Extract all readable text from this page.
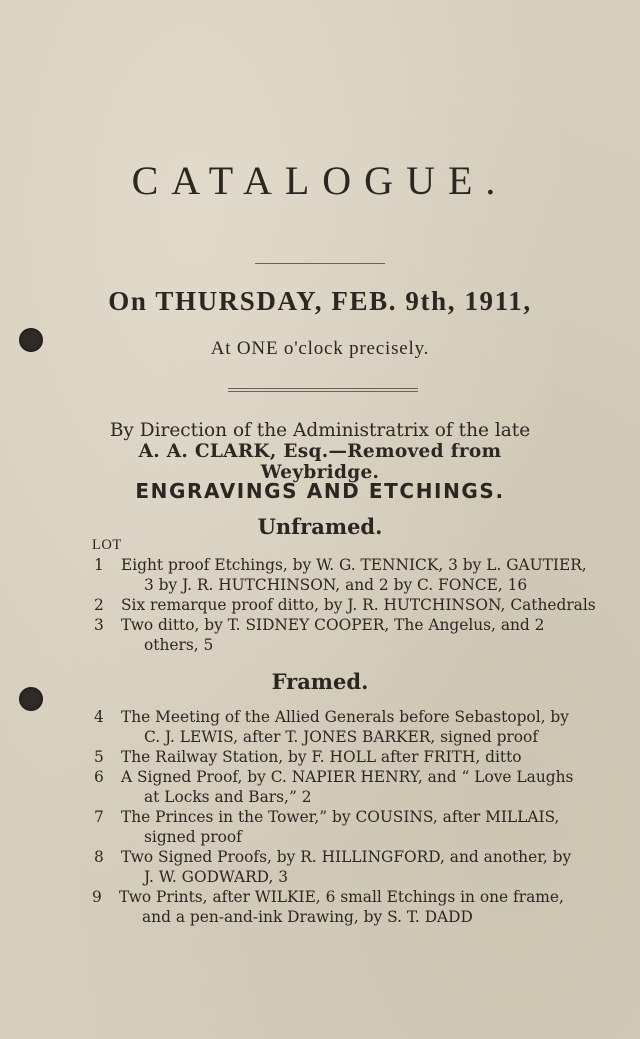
CATALOGUE.
On THURSDAY, FEB. 9th, 1911,
At ONE o'clock precisely.
By Direction of the Administratrix of the late
A. A. CLARK, Esq.—Removed from Weybridge.
ENGRAVINGS AND ETCHINGS.
Unframed.
LOT
1 Eight proof Etchings, by W. G. TENNICK, 3 by L. GAUTIER,
3 by J. R. HUTCHINSON, and 2 by C. FONCE, 16
2 Six remarque proof ditto, by J. R. HUTCHINSON, Cathedrals
3 Two ditto, by T. SIDNEY COOPER, The Angelus, and 2
others, 5
Framed.
4 The Meeting of the Allied Generals before Sebastopol, by
C. J. LEWIS, after T. JONES BARKER, signed proof
5 The Railway Station, by F. HOLL after FRITH, ditto
6 A Signed Proof, by C. NAPIER HENRY, and “ Love Laughs
at Locks and Bars,” 2
7 The Princes in the Tower,” by COUSINS, after MILLAIS,
signed proof
8 Two Signed Proofs, by R. HILLINGFORD, and another, by
J. W. GODWARD, 3
9 Two Prints, after WILKIE, 6 small Etchings in one frame,
and a pen-and-ink Drawing, by S. T. DADD
